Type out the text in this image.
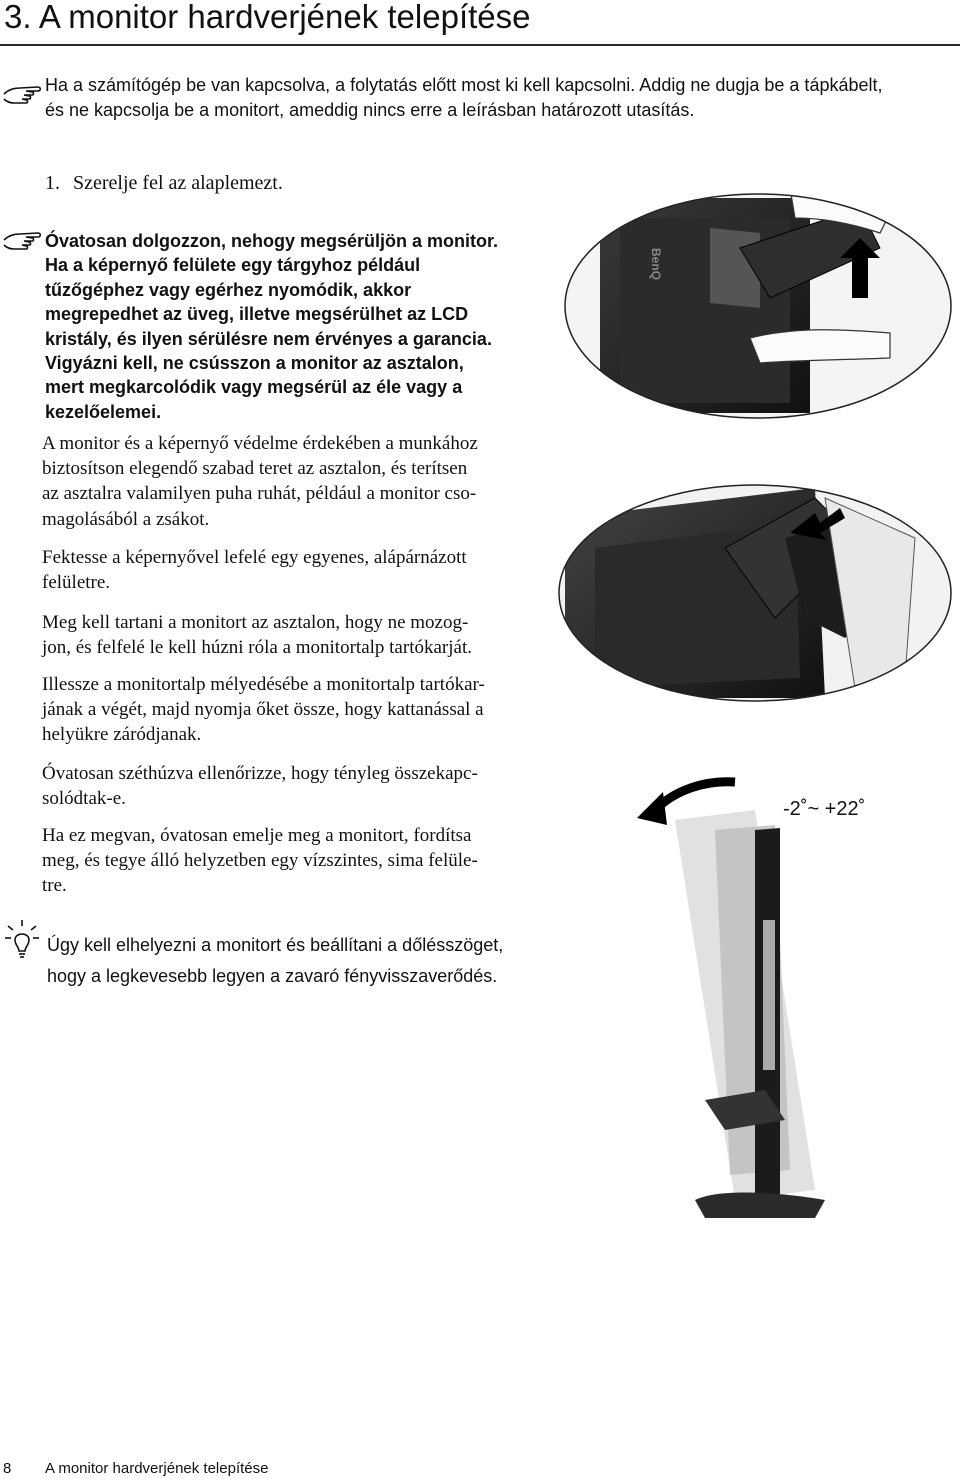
3. A monitor hardverjének telepítése

Ha a számítógép be van kapcsolva, a folytatás előtt most ki kell kapcsolni. Addig ne dugja be a tápkábelt,

és ne kapcsolja be a monitort, ameddig nincs erre a leírásban határozott utasítás.

1. Szerelje fel az alaplemezt.

Óvatosan dolgozzon, nehogy megsérüljön a monitor.

Ha a képernyő felülete egy tárgyhoz például

tűzőgéphez vagy egérhez nyomódik, akkor

megrepedhet az üveg, illetve megsérülhet az LCD

kristály, és ilyen sérülésre nem érvényes a garancia.

Vigyázni kell, ne csússzon a monitor az asztalon,

mert megkarcolódik vagy megsérül az éle vagy a

kezelőelemei.

A monitor és a képernyő védelme érdekében a munkához

biztosítson elegendő szabad teret az asztalon, és terítsen

az asztalra valamilyen puha ruhát, például a monitor cso-

magolásából a zsákot.

Fektesse a képernyővel lefelé egy egyenes, alápárnázott

felületre.

Meg kell tartani a monitort az asztalon, hogy ne mozog-

jon, és felfelé le kell húzni róla a monitortalp tartókarját.

Illessze a monitortalp mélyedésébe a monitortalp tartókar-

jának a végét, majd nyomja őket össze, hogy kattanással a

helyükre záródjanak.

Óvatosan széthúzva ellenőrizze, hogy tényleg összekapc-

solódtak-e.

Ha ez megvan, óvatosan emelje meg a monitort, fordítsa

meg, és tegye álló helyzetben egy vízszintes, sima felüle-

tre.

Úgy kell elhelyezni a monitort és beállítani a dőlésszöget,

hogy a legkevesebb legyen a zavaró fényvisszaverődés.

BenQ
-2˚~ +22˚
8 A monitor hardverjének telepítése
